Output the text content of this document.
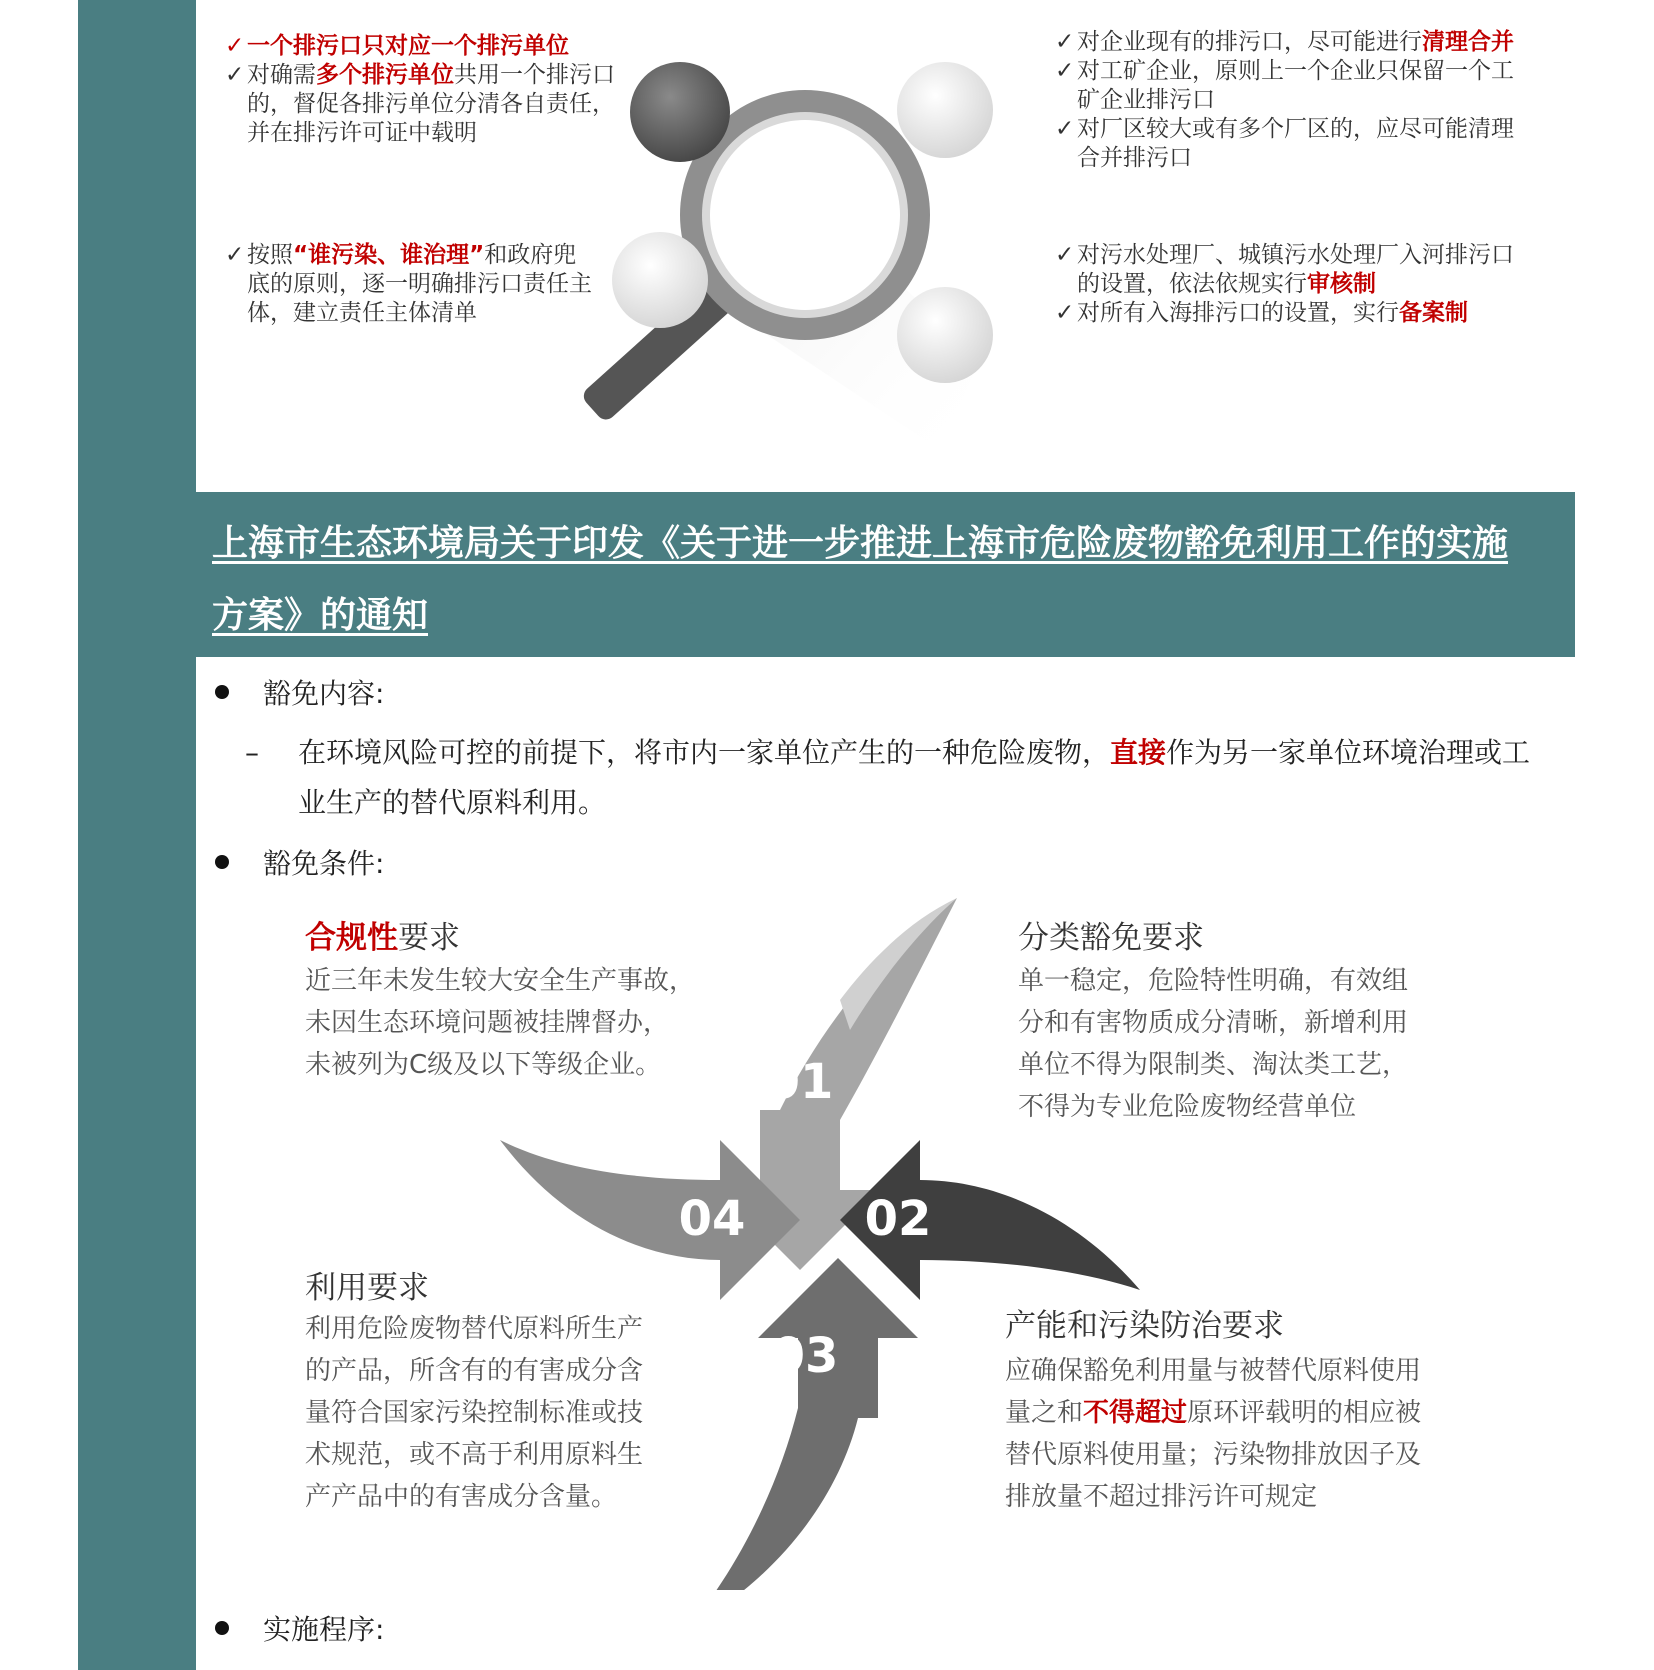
✓ 一个排污口只对应一个排污单位
✓ 对确需多个排污单位共用一个排污口
的，督促各排污单位分清各自责任，
并在排污许可证中载明
✓ 按照“谁污染、谁治理”和政府兜
底的原则，逐一明确排污口责任主
体，建立责任主体清单
✓ 对企业现有的排污口，尽可能进行清理合并
✓ 对工矿企业，原则上一个企业只保留一个工
矿企业排污口
✓ 对厂区较大或有多个厂区的，应尽可能清理
合并排污口
✓ 对污水处理厂、城镇污水处理厂入河排污口
的设置，依法依规实行审核制
✓ 对所有入海排污口的设置，实行备案制
上海市生态环境局关于印发《关于进一步推进上海市危险废物豁免利用工作的实施方案》的通知
豁免内容:
– 在环境风险可控的前提下，将市内一家单位产生的一种危险废物，直接作为另一家单位环境治理或工业生产的替代原料利用。
豁免条件:
01
02
03
04
合规性要求
近三年未发生较大安全生产事故，
未因生态环境问题被挂牌督办，
未被列为C级及以下等级企业。
分类豁免要求
单一稳定，危险特性明确，有效组
分和有害物质成分清晰，新增利用
单位不得为限制类、淘汰类工艺，
不得为专业危险废物经营单位
利用要求
利用危险废物替代原料所生产
的产品，所含有的有害成分含
量符合国家污染控制标准或技
术规范，或不高于利用原料生
产产品中的有害成分含量。
产能和污染防治要求
应确保豁免利用量与被替代原料使用
量之和不得超过原环评载明的相应被
替代原料使用量；污染物排放因子及
排放量不超过排污许可规定
实施程序:
